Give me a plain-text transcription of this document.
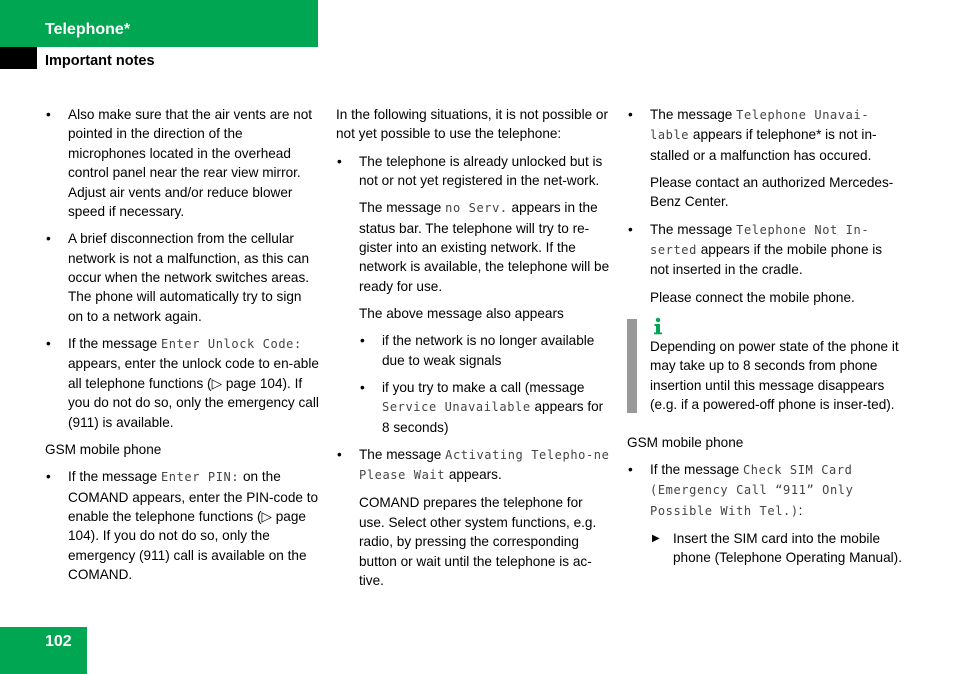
Telephone*
Important notes

• Also make sure that the air vents are not pointed in the direction of the microphones located in the overhead control panel near the rear view mirror. Adjust air vents and/or reduce blower speed if necessary.

• A brief disconnection from the cellular network is not a malfunction, as this can occur when the network switches areas. The phone will automatically try to sign on to a network again.

• If the message Enter Unlock Code: appears, enter the unlock code to en-able all telephone functions (▷ page 104). If you do not do so, only the emergency call (911) is available.

GSM mobile phone

• If the message Enter PIN: on the COMAND appears, enter the PIN-code to enable the telephone functions (▷ page 104). If you do not do so, only the emergency (911) call is available on the COMAND.

In the following situations, it is not possible or not yet possible to use the telephone:

• The telephone is already unlocked but is not or not yet registered in the net-work.

The message no Serv. appears in the status bar. The telephone will try to re-gister into an existing network. If the network is available, the telephone will be ready for use.

The above message also appears

• if the network is no longer available due to weak signals

• if you try to make a call (message Service Unavailable appears for 8 seconds)

• The message Activating Telepho-ne Please Wait appears.

COMAND prepares the telephone for use. Select other system functions, e.g. radio, by pressing the corresponding button or wait until the telephone is ac-tive.

• The message Telephone Unavai-lable appears if telephone* is not in-stalled or a malfunction has occured.

Please contact an authorized Mercedes-Benz Center.

• The message Telephone Not In-serted appears if the mobile phone is not inserted in the cradle.

Please connect the mobile phone.

Depending on power state of the phone it may take up to 8 seconds from phone insertion until this message disappears (e.g. if a powered-off phone is inser-ted).

GSM mobile phone

• If the message Check SIM Card (Emergency Call “911” Only Possible With Tel.):

▶ Insert the SIM card into the mobile phone (Telephone Operating Manual).

102
